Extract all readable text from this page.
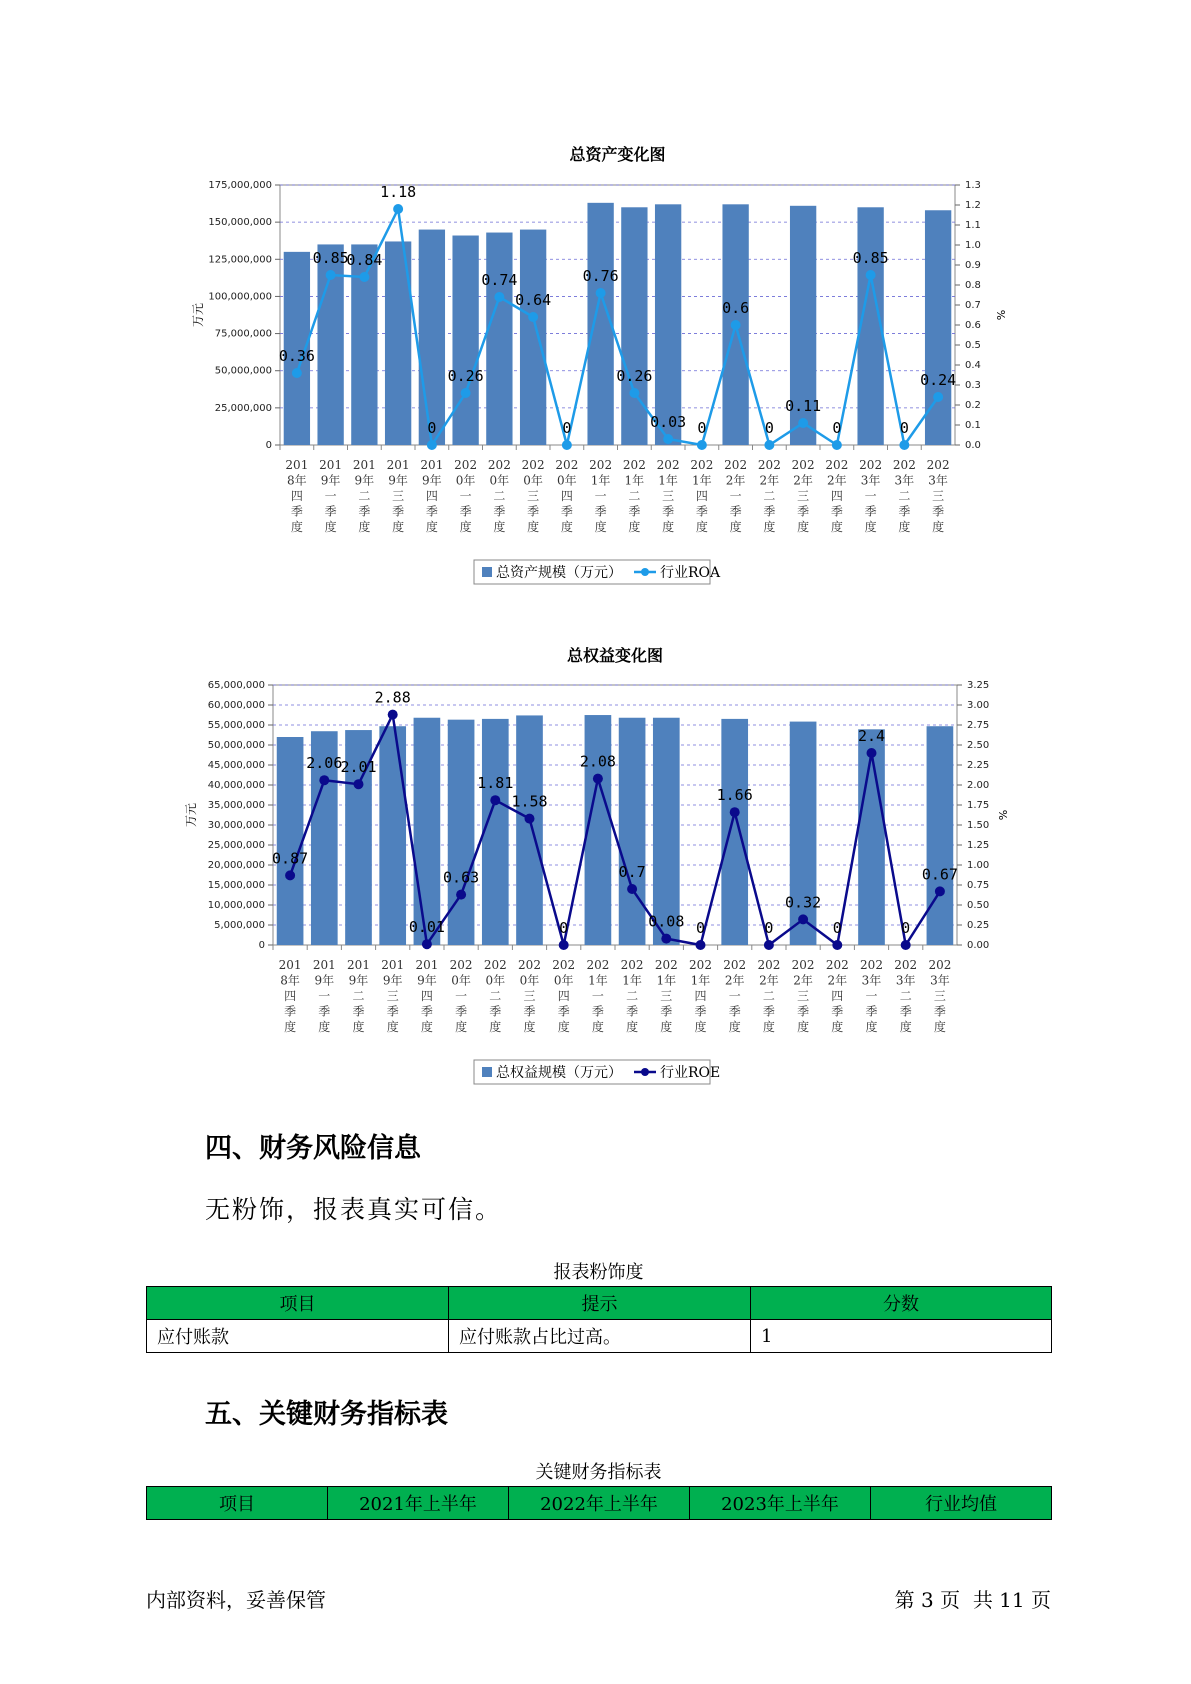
总资产变化图
0
25,000,000
50,000,000
75,000,000
100,000,000
125,000,000
150,000,000
175,000,000
0.0
0.1
0.2
0.3
0.4
0.5
0.6
0.7
0.8
0.9
1.0
1.1
1.2
1.3
万元	%
201 8年四季度
201 9年一季度
201 9年二季度
201 9年三季度
201 9年四季度
202 0年一季度
202 0年二季度
202 0年三季度
202 0年四季度
202 1年一季度
202 1年二季度
202 1年三季度
202 1年四季度
202 2年一季度
202 2年二季度
202 2年三季度
202 2年四季度
202 3年一季度
202 3年二季度
202 3年三季度
0.36
0.85
0.84
1.18
0
0.26
0.74
0.64
0
0.76
0.26
0.03 0
0.6
0
0.11
0
0.85
0
0.24
总资产规模（万元）	行业ROA
总权益变化图
0
5,000,000
10,000,000
15,000,000
20,000,000
25,000,000
30,000,000
35,000,000
40,000,000
45,000,000
50,000,000
55,000,000
60,000,000
65,000,000
0.00
0.25
0.50
0.75
1.00
1.25
1.50
1.75
2.00
2.25
2.50
2.75
3.00
3.25
万元	%
201 8年四季度
201 9年一季度
201 9年二季度
201 9年三季度
201 9年四季度
202 0年一季度
202 0年二季度
202 0年三季度
202 0年四季度
202 1年一季度
202 1年二季度
202 1年三季度
202 1年四季度
202 2年一季度
202 2年二季度
202 2年三季度
202 2年四季度
202 3年一季度
202 3年二季度
202 3年三季度
0.87
2.06
2.01
2.88
0.01
0.63
1.81
1.58
0
2.08
0.7
0.08 0
1.66
0
0.32
0
2.4
0
0.67
总权益规模（万元）	行业ROE
四、财务风险信息
无粉饰，报表真实可信。
报表粉饰度
项目	提示	分数
应付账款	应付账款占比过高。	1
五、关键财务指标表
关键财务指标表
项目	2021年上半年	2022年上半年	2023年上半年	行业均值
内部资料，妥善保管	第 3 页  共 11 页
